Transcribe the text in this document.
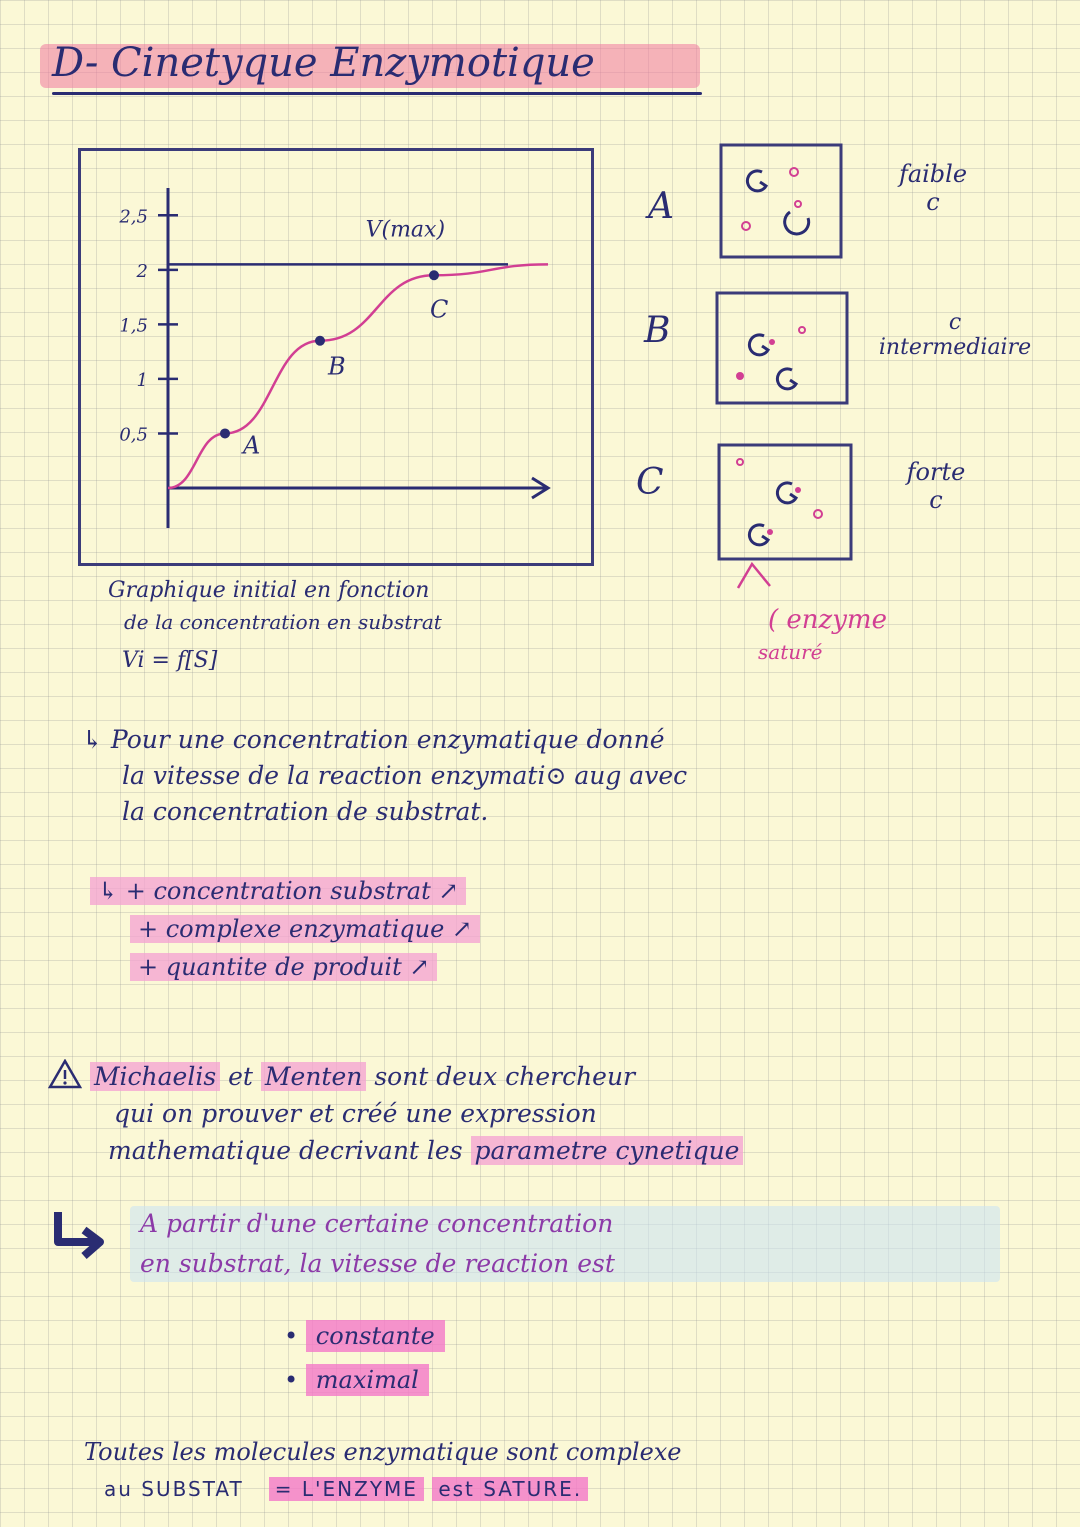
D- Cinetyque Enzymotique
2,5
2
1,5
1
0,5
V(max)
A
B
C
Graphique initial en fonction
de la concentration en substrat
Vi = f[S]
A
B
C
faible
c
c
intermediaire
forte
c
( enzyme
saturé
↳ Pour une concentration enzymatique donné
la vitesse de la reaction enzymati⊙ aug avec
la concentration de substrat.
↳ + concentration substrat ↗
+ complexe enzymatique ↗
+ quantite de produit ↗
Michaelis et Menten sont deux chercheur
qui on prouver et créé une expression
mathematique decrivant les parametre cynetique
A partir d'une certaine concentration
en substrat, la vitesse de reaction est
• constante
• maximal
Toutes les molecules enzymatique sont complexe
au SUBSTAT = L'ENZYME est SATURE.
